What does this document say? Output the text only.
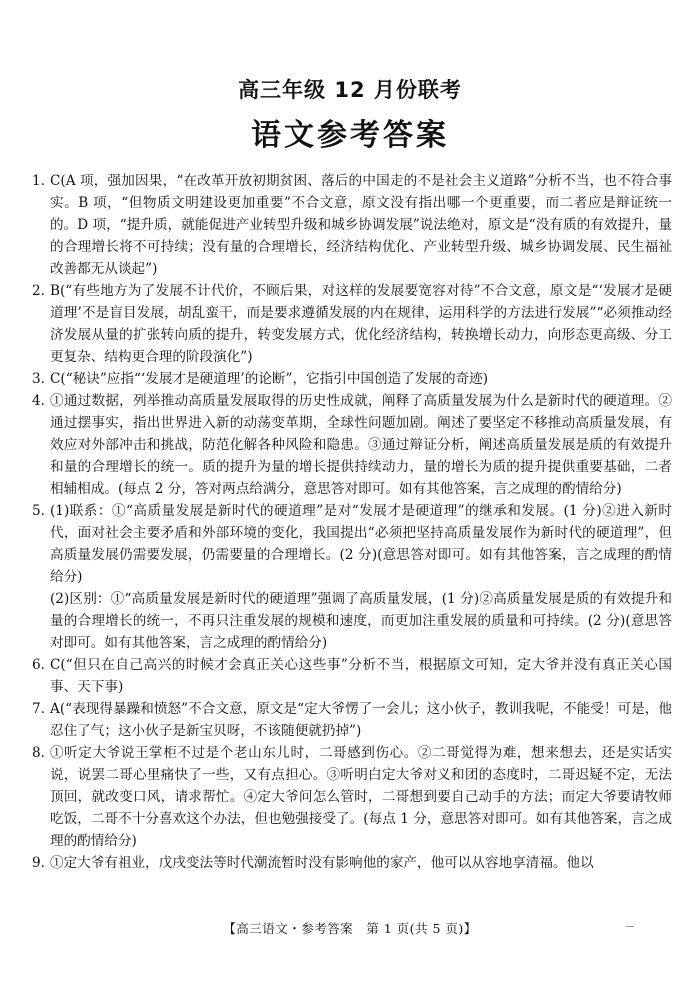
高三年级 12 月份联考
语文参考答案
1. C(A 项，强加因果，“在改革开放初期贫困、落后的中国走的不是社会主义道路”分析不当，也不符合事实。B 项，“但物质文明建设更加重要”不合文意，原文没有指出哪一个更重要，而二者应是辩证统一的。D 项，“提升质，就能促进产业转型升级和城乡协调发展”说法绝对，原文是“没有质的有效提升，量的合理增长将不可持续；没有量的合理增长，经济结构优化、产业转型升级、城乡协调发展、民生福祉改善都无从谈起”)

2. B(“有些地方为了发展不计代价，不顾后果，对这样的发展要宽容对待”不合文意，原文是“‘发展才是硬道理’不是盲目发展，胡乱蛮干，而是要求遵循发展的内在规律，运用科学的方法进行发展”“必须推动经济发展从量的扩张转向质的提升，转变发展方式，优化经济结构，转换增长动力，向形态更高级、分工更复杂、结构更合理的阶段演化”)

3. C(“秘诀”应指“‘发展才是硬道理’的论断”，它指引中国创造了发展的奇迹)

4. ①通过数据，列举推动高质量发展取得的历史性成就，阐释了高质量发展为什么是新时代的硬道理。②通过摆事实，指出世界进入新的动荡变革期，全球性问题加剧。阐述了要坚定不移推动高质量发展，有效应对外部冲击和挑战，防范化解各种风险和隐患。③通过辩证分析，阐述高质量发展是质的有效提升和量的合理增长的统一。质的提升为量的增长提供持续动力，量的增长为质的提升提供重要基础，二者相辅相成。(每点 2 分，答对两点给满分，意思答对即可。如有其他答案，言之成理的酌情给分)

5. (1)联系：①“高质量发展是新时代的硬道理”是对“发展才是硬道理”的继承和发展。(1 分)②进入新时代，面对社会主要矛盾和外部环境的变化，我国提出“必须把坚持高质量发展作为新时代的硬道理”，但高质量发展仍需要发展，仍需要量的合理增长。(2 分)(意思答对即可。如有其他答案，言之成理的酌情给分)

(2)区别：①“高质量发展是新时代的硬道理”强调了高质量发展，(1 分)②高质量发展是质的有效提升和量的合理增长的统一，不再只注重发展的规模和速度，而更加注重发展的质量和可持续。(2 分)(意思答对即可。如有其他答案，言之成理的酌情给分)

6. C(“但只在自己高兴的时候才会真正关心这些事”分析不当，根据原文可知，定大爷并没有真正关心国事、天下事)

7. A(“表现得暴躁和愤怒”不合文意，原文是“定大爷愣了一会儿；这小伙子，教训我呢，不能受！可是，他忍住了气；这小伙子是新宝贝呀，不该随便就扔掉”)

8. ①听定大爷说王掌柜不过是个老山东儿时，二哥感到伤心。②二哥觉得为难，想来想去，还是实话实说，说罢二哥心里痛快了一些，又有点担心。③听明白定大爷对义和团的态度时，二哥迟疑不定，无法顶回，就改变口风，请求帮忙。④定大爷问怎么管时，二哥想到要自己动手的方法；而定大爷要请牧师吃饭，二哥不十分喜欢这个办法，但也勉强接受了。(每点 1 分，意思答对即可。如有其他答案，言之成理的酌情给分)

9. ①定大爷有祖业，戊戌变法等时代潮流暂时没有影响他的家产，他可以从容地享清福。他以

【高三语文・参考答案　第 1 页(共 5 页)】
